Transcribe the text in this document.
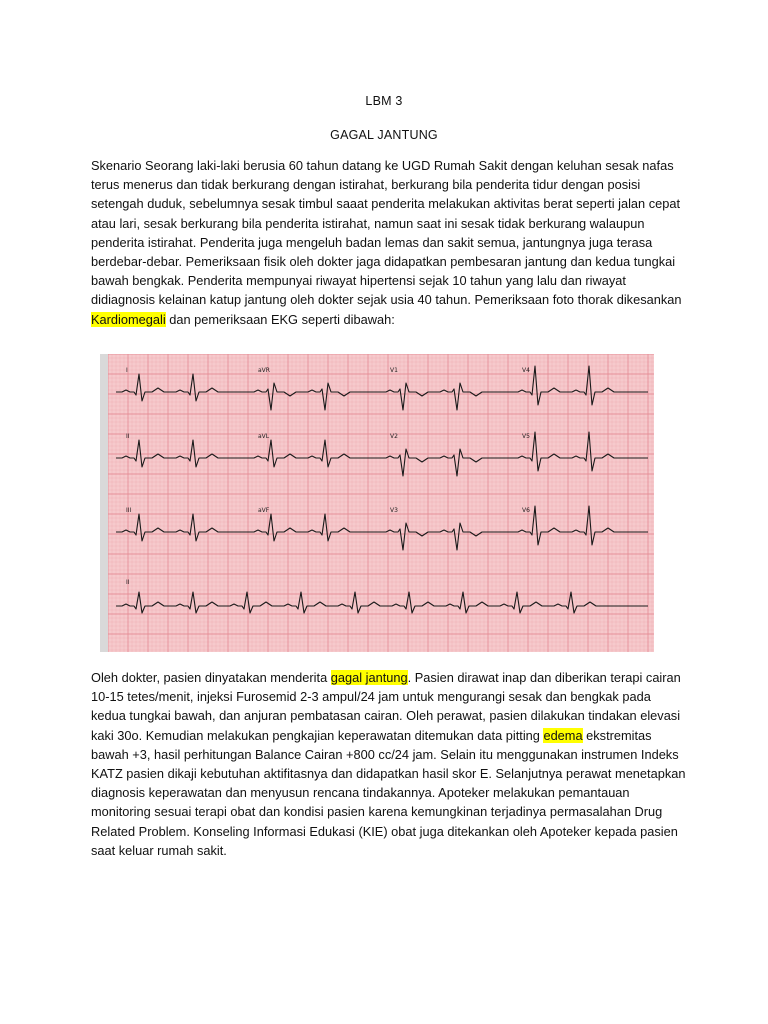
LBM 3
GAGAL JANTUNG
Skenario Seorang laki-laki berusia 60 tahun datang ke UGD Rumah Sakit dengan keluhan sesak nafas
terus menerus dan tidak berkurang dengan istirahat, berkurang bila penderita tidur dengan posisi
setengah duduk, sebelumnya sesak timbul saaat penderita melakukan aktivitas berat seperti jalan cepat
atau lari, sesak berkurang bila penderita istirahat, namun saat ini sesak tidak berkurang walaupun
penderita istirahat. Penderita juga mengeluh badan lemas dan sakit semua, jantungnya juga terasa
berdebar-debar. Pemeriksaan fisik oleh dokter jaga didapatkan pembesaran jantung dan kedua tungkai
bawah bengkak. Penderita mempunyai riwayat hipertensi sejak 10 tahun yang lalu dan riwayat
didiagnosis kelainan katup jantung oleh dokter sejak usia 40 tahun. Pemeriksaan foto thorak dikesankan
Kardiomegali dan pemeriksaan EKG seperti dibawah:
I	aVR	V1	V4
II	aVL	V2	V5
III	aVF	V3	V6
II
Oleh dokter, pasien dinyatakan menderita gagal jantung. Pasien dirawat inap dan diberikan terapi cairan
10-15 tetes/menit, injeksi Furosemid 2-3 ampul/24 jam untuk mengurangi sesak dan bengkak pada
kedua tungkai bawah, dan anjuran pembatasan cairan. Oleh perawat, pasien dilakukan tindakan elevasi
kaki 30o. Kemudian melakukan pengkajian keperawatan ditemukan data pitting edema ekstremitas
bawah +3, hasil perhitungan Balance Cairan +800 cc/24 jam. Selain itu menggunakan instrumen Indeks
KATZ pasien dikaji kebutuhan aktifitasnya dan didapatkan hasil skor E. Selanjutnya perawat menetapkan
diagnosis keperawatan dan menyusun rencana tindakannya. Apoteker melakukan pemantauan
monitoring sesuai terapi obat dan kondisi pasien karena kemungkinan terjadinya permasalahan Drug
Related Problem. Konseling Informasi Edukasi (KIE) obat juga ditekankan oleh Apoteker kepada pasien
saat keluar rumah sakit.
